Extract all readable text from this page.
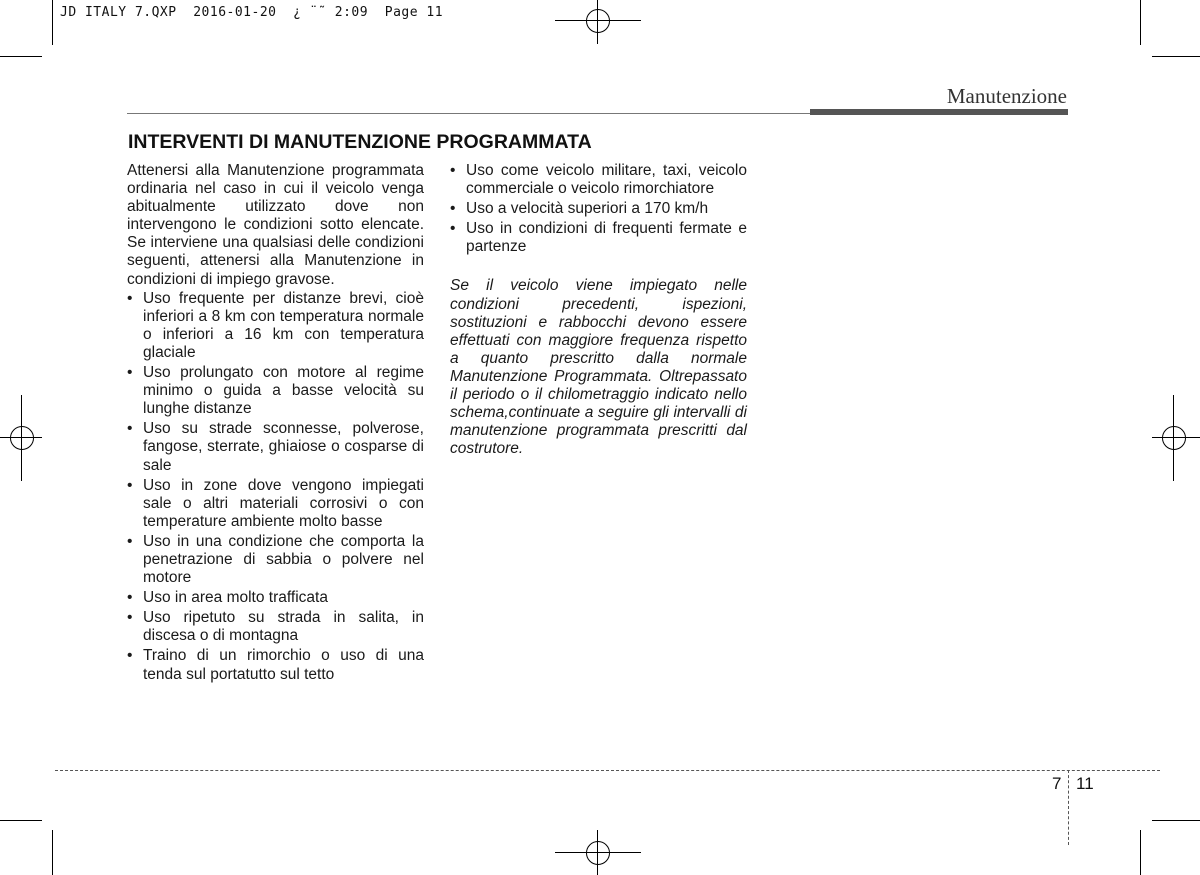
JD ITALY 7.QXP  2016-01-20  ¿ ¨˜ 2:09  Page 11
Manutenzione
INTERVENTI DI MANUTENZIONE PROGRAMMATA

Attenersi alla Manutenzione programmata ordinaria nel caso in cui il veicolo venga abitualmente utilizzato dove non intervengono le condizioni sotto elencate. Se interviene una qualsiasi delle condizioni seguenti, attenersi alla Manutenzione in condizioni di impiego gravose.

• Uso frequente per distanze brevi, cioè inferiori a 8 km con temperatura normale o inferiori a 16 km con temperatura glaciale
• Uso prolungato con motore al regime minimo o guida a basse velocità su lunghe distanze
• Uso su strade sconnesse, polverose, fangose, sterrate, ghiaiose o cosparse di sale
• Uso in zone dove vengono impiegati sale o altri materiali corrosivi o con temperature ambiente molto basse
• Uso in una condizione che comporta la penetrazione di sabbia o polvere nel motore
• Uso in area molto trafficata
• Uso ripetuto su strada in salita, in discesa o di montagna
• Traino di un rimorchio o uso di una tenda sul portatutto sul tetto
• Uso come veicolo militare, taxi, veicolo commerciale o veicolo rimorchiatore
• Uso a velocità superiori a 170 km/h
• Uso in condizioni di frequenti fermate e partenze

Se il veicolo viene impiegato nelle condizioni precedenti, ispezioni, sostituzioni e rabbocchi devono essere effettuati con maggiore frequenza rispetto a quanto prescritto dalla normale Manutenzione Programmata. Oltrepassato il periodo o il chilometraggio indicato nello schema,continuate a seguire gli intervalli di manutenzione programmata prescritti dal costrutore.

7 11
